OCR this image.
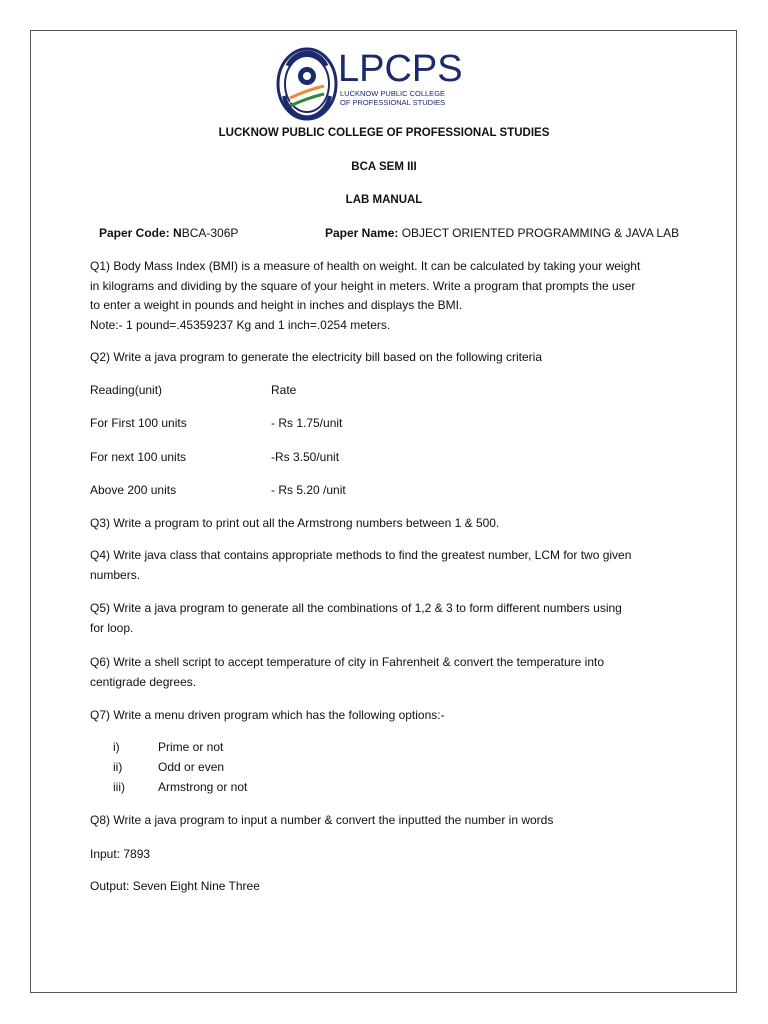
LPCPS
LUCKNOW PUBLIC COLLEGE
OF PROFESSIONAL STUDIES
LUCKNOW PUBLIC COLLEGE OF PROFESSIONAL STUDIES
BCA SEM III
LAB MANUAL
Paper Code: NBCA-306P	Paper Name: OBJECT ORIENTED PROGRAMMING & JAVA LAB
Q1) Body Mass Index (BMI) is a measure of health on weight. It can be calculated by taking your weight
in kilograms and dividing by the square of your height in meters. Write a program that prompts the user
to enter a weight in pounds and height in inches and displays the BMI.
Note:- 1 pound=.45359237 Kg and 1 inch=.0254 meters.
Q2) Write a java program to generate the electricity bill based on the following criteria
Reading(unit)	Rate
For First 100 units	- Rs 1.75/unit
For next 100 units	-Rs 3.50/unit
Above 200 units	- Rs 5.20 /unit
Q3) Write a program to print out all the Armstrong numbers between 1 & 500.
Q4) Write java class that contains appropriate methods to find the greatest number, LCM for two given
numbers.
Q5) Write a java program to generate all the combinations of 1,2 & 3 to form different numbers using
for loop.
Q6) Write a shell script to accept temperature of city in Fahrenheit & convert the temperature into
centigrade degrees.
Q7) Write a menu driven program which has the following options:-
i)	Prime or not
ii)	Odd or even
iii)	Armstrong or not
Q8) Write a java program to input a number & convert the inputted the number in words
Input: 7893
Output: Seven Eight Nine Three
